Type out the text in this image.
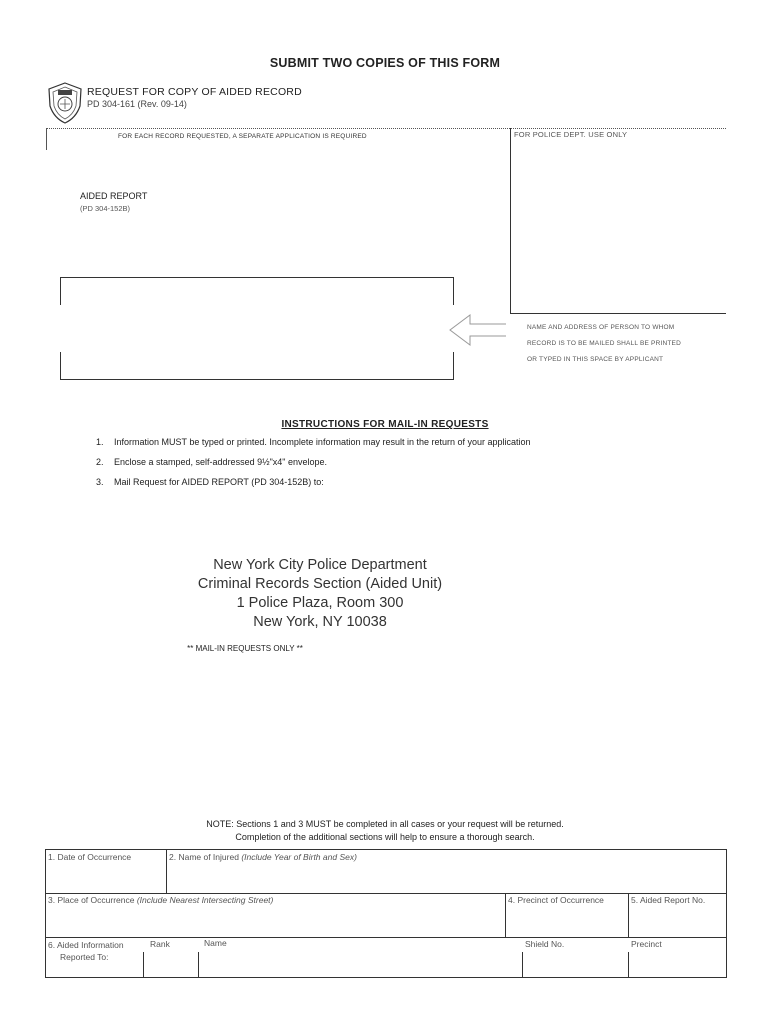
SUBMIT TWO COPIES OF THIS FORM
REQUEST FOR COPY OF AIDED RECORD
PD 304-161 (Rev. 09-14)
FOR EACH RECORD REQUESTED, A SEPARATE APPLICATION IS REQUIRED	FOR POLICE DEPT. USE ONLY
AIDED REPORT
(PD 304-152B)
NAME AND ADDRESS OF PERSON TO WHOM
RECORD IS TO BE MAILED SHALL BE PRINTED
OR TYPED IN THIS SPACE BY APPLICANT
INSTRUCTIONS FOR MAIL-IN REQUESTS
1.	Information MUST be typed or printed. Incomplete information may result in the return of your application
2.	Enclose a stamped, self-addressed 9½"x4" envelope.
3.	Mail Request for AIDED REPORT (PD 304-152B) to:
New York City Police Department
Criminal Records Section (Aided Unit)
1 Police Plaza, Room 300
New York, NY 10038
** MAIL-IN REQUESTS ONLY **
NOTE: Sections 1 and 3 MUST be completed in all cases or your request will be returned.
Completion of the additional sections will help to ensure a thorough search.
1. Date of Occurrence	2. Name of Injured (Include Year of Birth and Sex)
3. Place of Occurrence (Include Nearest Intersecting Street)	4. Precinct of Occurrence	5. Aided Report No.
6. Aided Information
Reported To:
Rank	Name	Shield No.	Precinct
